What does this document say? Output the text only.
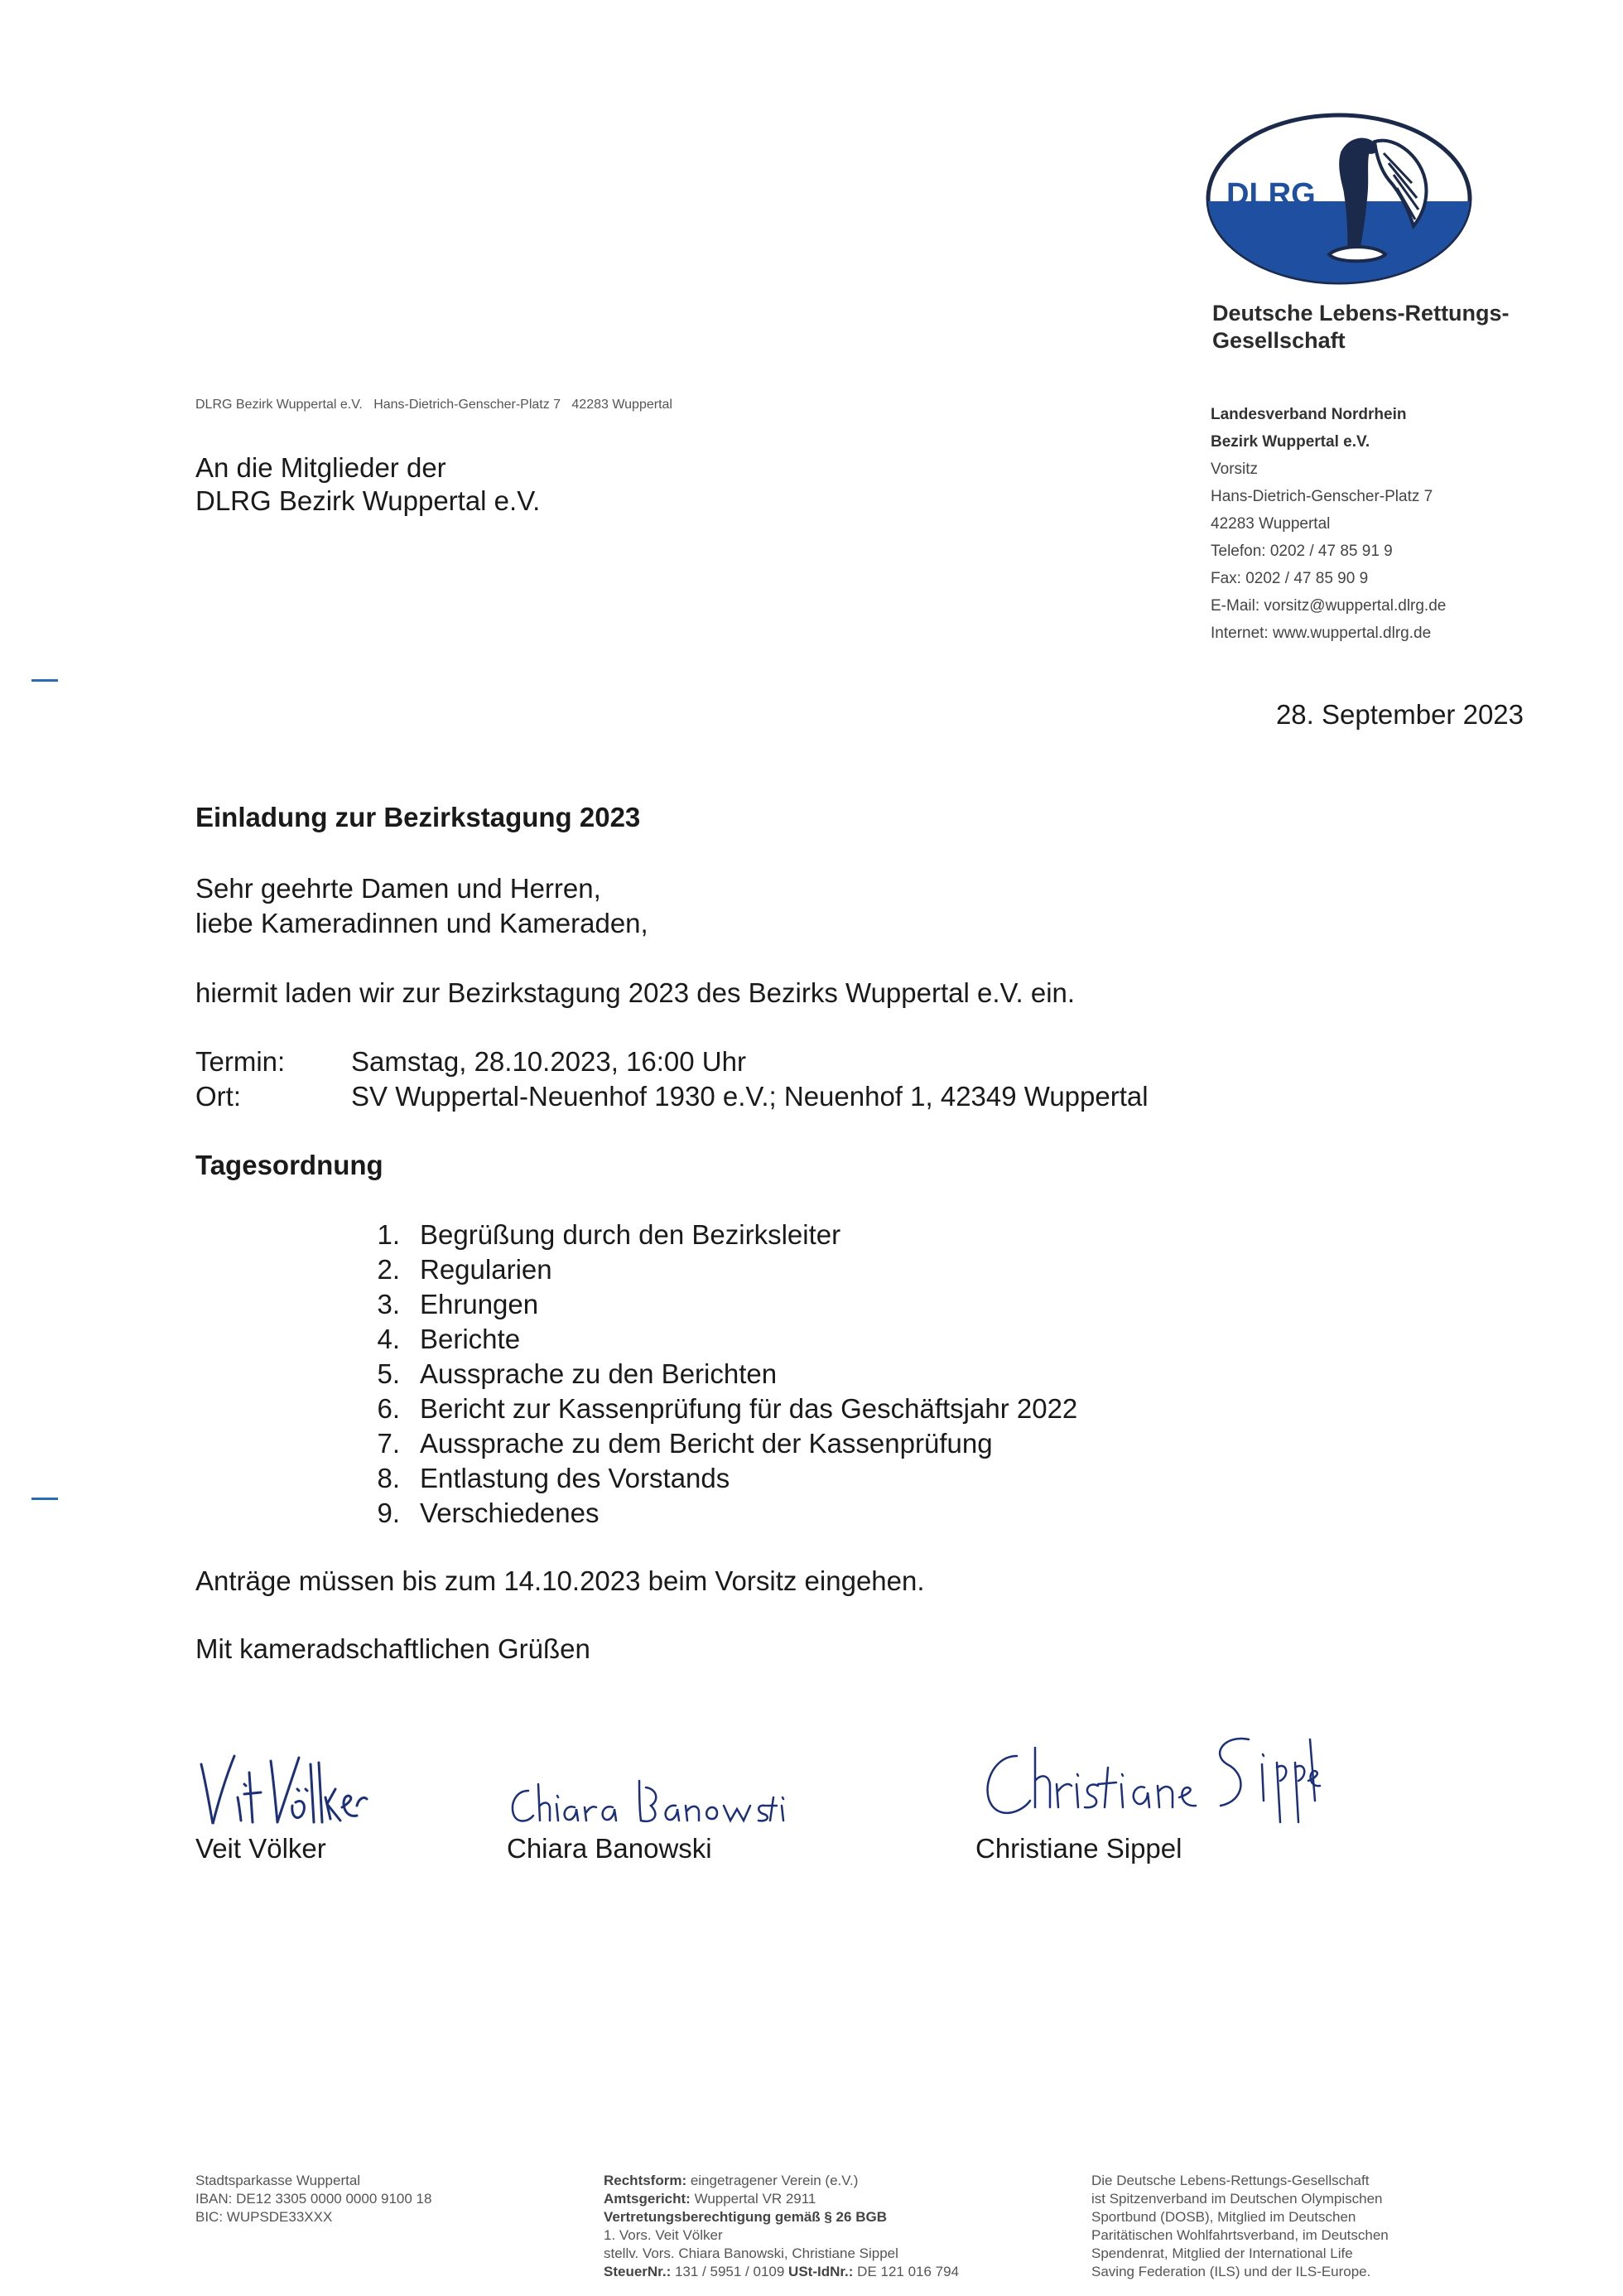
DLRG
Deutsche Lebens-Rettungs-
Gesellschaft
DLRG Bezirk Wuppertal e.V.   Hans-Dietrich-Genscher-Platz 7   42283 Wuppertal
An die Mitglieder der
DLRG Bezirk Wuppertal e.V.
Landesverband Nordrhein
Bezirk Wuppertal e.V.
Vorsitz
Hans-Dietrich-Genscher-Platz 7
42283 Wuppertal
Telefon: 0202 / 47 85 91 9
Fax: 0202 / 47 85 90 9
E-Mail: vorsitz@wuppertal.dlrg.de
Internet: www.wuppertal.dlrg.de
28. September 2023
Einladung zur Bezirkstagung 2023
Sehr geehrte Damen und Herren,
liebe Kameradinnen und Kameraden,
hiermit laden wir zur Bezirkstagung 2023 des Bezirks Wuppertal e.V. ein.
Termin: Samstag, 28.10.2023, 16:00 Uhr
Ort:	SV Wuppertal-Neuenhof 1930 e.V.; Neuenhof 1, 42349 Wuppertal
Tagesordnung
1. Begrüßung durch den Bezirksleiter
2. Regularien
3. Ehrungen
4. Berichte
5. Aussprache zu den Berichten
6. Bericht zur Kassenprüfung für das Geschäftsjahr 2022
7. Aussprache zu dem Bericht der Kassenprüfung
8. Entlastung des Vorstands
9. Verschiedenes
Anträge müssen bis zum 14.10.2023 beim Vorsitz eingehen.
Mit kameradschaftlichen Grüßen
Veit Völker	Chiara Banowski	Christiane Sippel
Stadtsparkasse Wuppertal
IBAN: DE12 3305 0000 0000 9100 18
BIC: WUPSDE33XXX
Rechtsform: eingetragener Verein (e.V.)
Amtsgericht: Wuppertal VR 2911
Vertretungsberechtigung gemäß § 26 BGB
1. Vors. Veit Völker
stellv. Vors. Chiara Banowski, Christiane Sippel
SteuerNr.: 131 / 5951 / 0109 USt-IdNr.: DE 121 016 794
Die Deutsche Lebens-Rettungs-Gesellschaft
ist Spitzenverband im Deutschen Olympischen
Sportbund (DOSB), Mitglied im Deutschen
Paritätischen Wohlfahrtsverband, im Deutschen
Spendenrat, Mitglied der International Life
Saving Federation (ILS) und der ILS-Europe.
